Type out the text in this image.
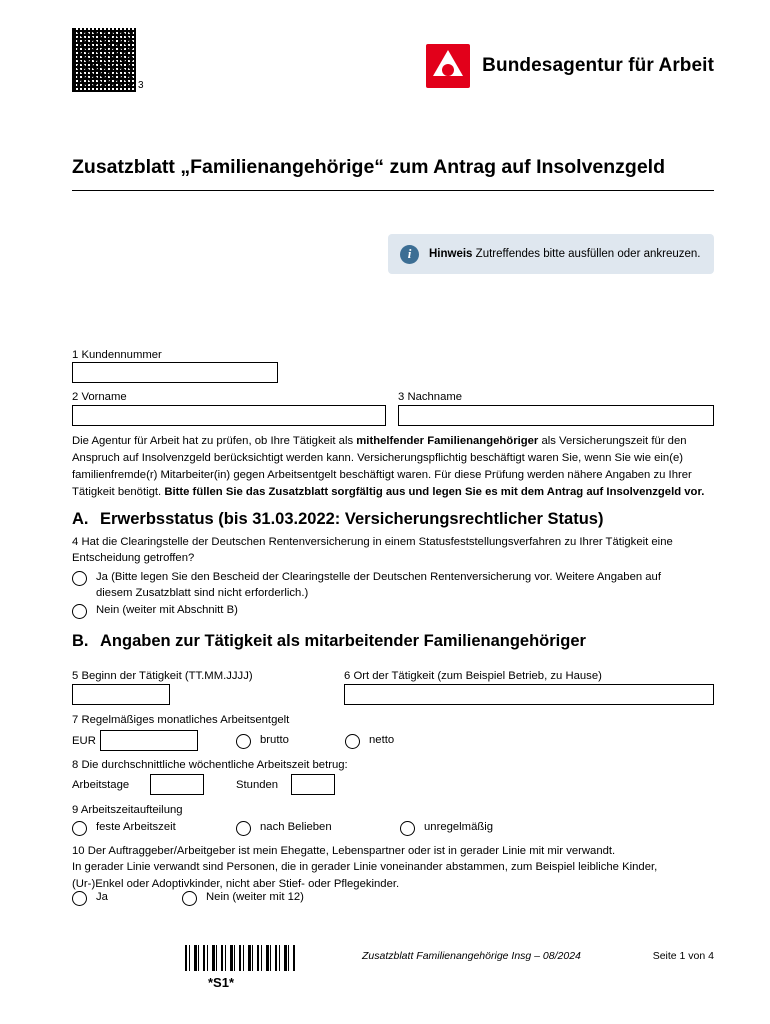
3
Bundesagentur für Arbeit
Zusatzblatt „Familienangehörige“ zum Antrag auf Insolvenzgeld
i	Hinweis Zutreffendes bitte ausfüllen oder ankreuzen.
1 Kundennummer
2 Vorname	3 Nachname
Die Agentur für Arbeit hat zu prüfen, ob Ihre Tätigkeit als mithelfender Familienangehöriger als Versicherungszeit für den Anspruch auf Insolvenzgeld berücksichtigt werden kann. Versicherungspflichtig beschäftigt waren Sie, wenn Sie wie ein(e) familienfremde(r) Mitarbeiter(in) gegen Arbeitsentgelt beschäftigt waren. Für diese Prüfung werden nähere Angaben zu Ihrer Tätigkeit benötigt. Bitte füllen Sie das Zusatzblatt sorgfältig aus und legen Sie es mit dem Antrag auf Insolvenzgeld vor.
A. Erwerbsstatus (bis 31.03.2022: Versicherungsrechtlicher Status)
4 Hat die Clearingstelle der Deutschen Rentenversicherung in einem Statusfeststellungsverfahren zu Ihrer Tätigkeit eine Entscheidung getroffen?
Ja (Bitte legen Sie den Bescheid der Clearingstelle der Deutschen Rentenversicherung vor. Weitere Angaben auf diesem Zusatzblatt sind nicht erforderlich.)
Nein (weiter mit Abschnitt B)
B. Angaben zur Tätigkeit als mitarbeitender Familienangehöriger
5 Beginn der Tätigkeit (TT.MM.JJJJ)	6 Ort der Tätigkeit (zum Beispiel Betrieb, zu Hause)
7 Regelmäßiges monatliches Arbeitsentgelt
EUR	brutto	netto
8 Die durchschnittliche wöchentliche Arbeitszeit betrug:
Arbeitstage	Stunden
9 Arbeitszeitaufteilung
feste Arbeitszeit	nach Belieben	unregelmäßig
10 Der Auftraggeber/Arbeitgeber ist mein Ehegatte, Lebenspartner oder ist in gerader Linie mit mir verwandt.
In gerader Linie verwandt sind Personen, die in gerader Linie voneinander abstammen, zum Beispiel leibliche Kinder,
(Ur-)Enkel oder Adoptivkinder, nicht aber Stief- oder Pflegekinder.
Ja	Nein (weiter mit 12)
*S1*
Zusatzblatt Familienangehörige Insg – 08/2024	Seite 1 von 4
